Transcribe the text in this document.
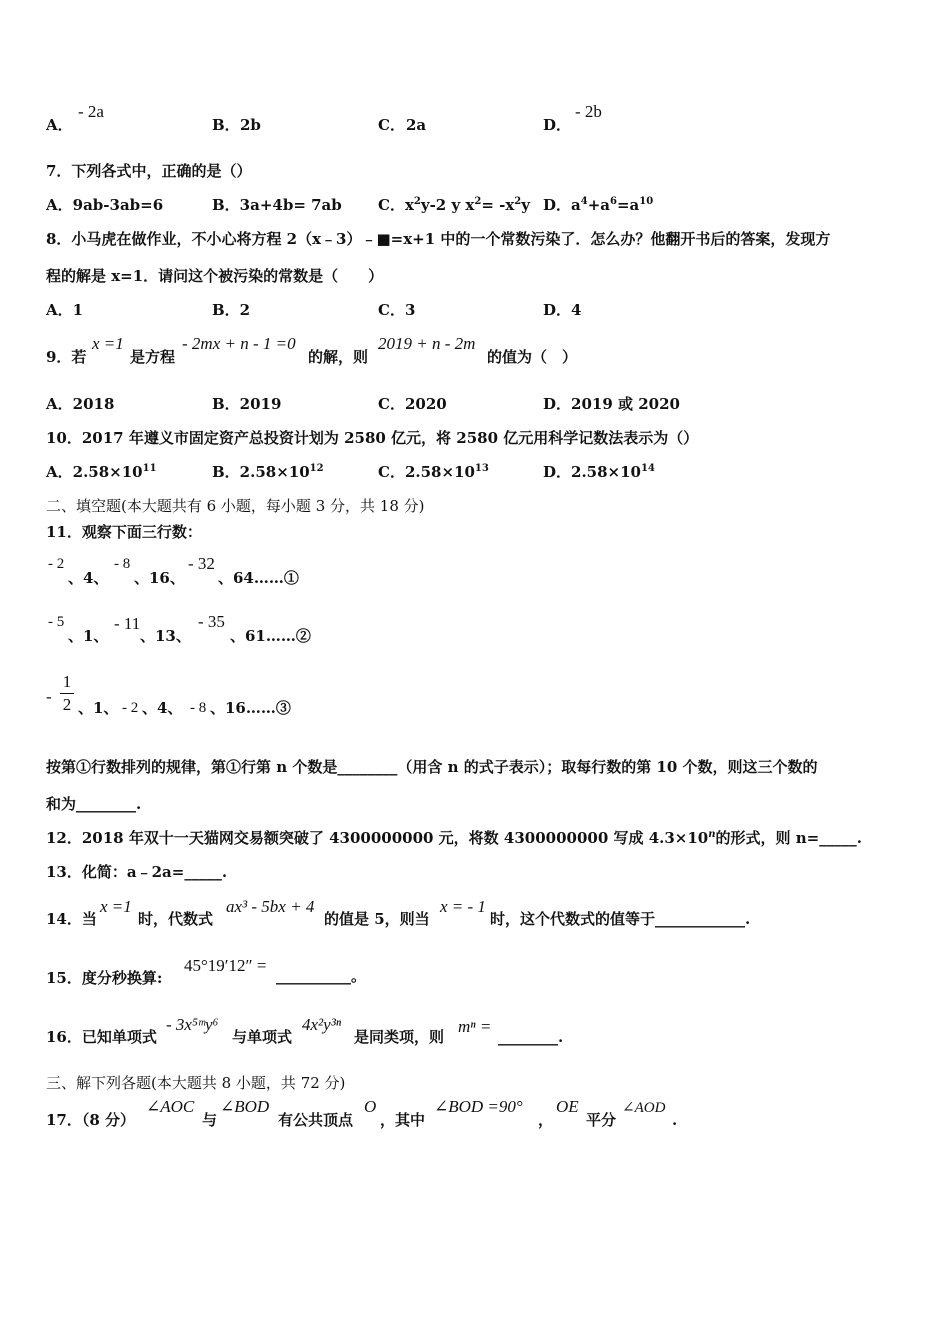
A．
- 2a
B． 2b	C． 2a	D．
- 2b
7．下列各式中，正确的是（）
A．9ab-3ab=6	B．3a+4b= 7ab C．$x^2y-2$ y $x^2= -x^2y$ D．$a^4+a^6=a^{10}$
8．小马虎在做作业，不小心将方程 2（x﹣3）﹣■=x+1 中的一个常数污染了．怎么办？他翻开书后的答案，发现方
程的解是 x=1．请问这个被污染的常数是（　　）
A．1	B．2	C．3	D．4
9．若
x =1
是方程
- 2mx + n - 1 =0
的解，则
2019 + n - 2m
的值为（　）
A．2018	B．2019	C．2020	D．2019 或 2020
10．2017 年遵义市固定资产总投资计划为 2580 亿元，将 2580 亿元用科学记数法表示为（）
A．$2.58\times 10^{11}$	B．$2.58\times 10^{12}$	C．$2.58\times 10^{13}$	D．$2.58\times 10^{14}$
二、填空题(本大题共有 6 小题，每小题 3 分，共 18 分)
11．观察下面三行数：
- 2
、4、
- 8
、16、
- 32
、64……①
- 5
、1、
- 11
、13、
- 35
、61……②
-
1
2 、1、 - 2 、4、 - 8 、16……③
按第①行数排列的规律，第①行第 n 个数是________（用含 n 的式子表示）；取每行数的第 10 个数，则这三个数的
和为________.
12．2018 年双十一天猫网交易额突破了 4300000000 元，将数 4300000000 写成 $4.3\times 10^n$的形式，则 n=_____.
13．化简：a﹣2a=_____.
14．当
x =1
时，代数式
ax³ - 5bx + 4
的值是 5，则当
x = - 1
时，这个代数式的值等于____________.
15．度分秒换算:
45°19′12″ =
__________。
16．已知单项式
- 3x⁵ᵐy⁶
与单项式
4x²y³ⁿ
是同类项，则
mⁿ =
________.
三、解下列各题(本大题共 8 小题，共 72 分)
17．（8 分）
∠AOC
与
∠BOD
有公共顶点
O
，其中
∠BOD =90°
，
OE
平分
∠AOD
.
